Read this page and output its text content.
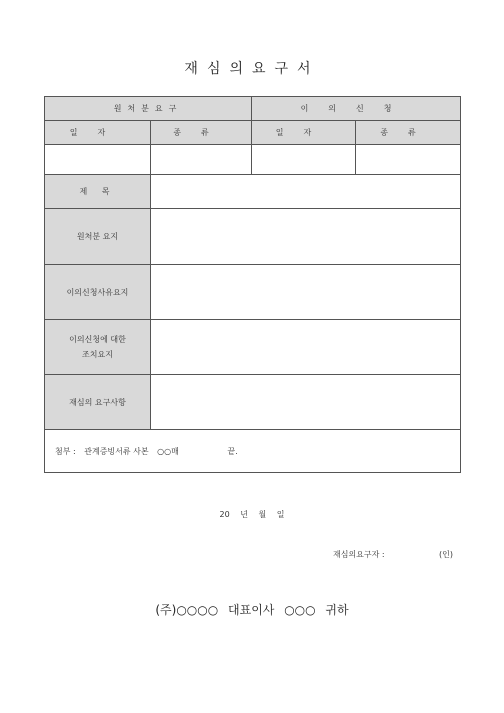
재심의요구서
원처분요구		이의신청	
일자	종류	일자	종류

제 목			
원처분 요지			
이의신청사유요지			

이의신청에 대한
조치요지			

재심의 요구사항			
첨부 : 관계증빙서류 사본 ○○매 끝.			
20 년 월 일
재심의요구자 :	(인)
(주)○○○○ 대표이사 ○○○ 귀하
